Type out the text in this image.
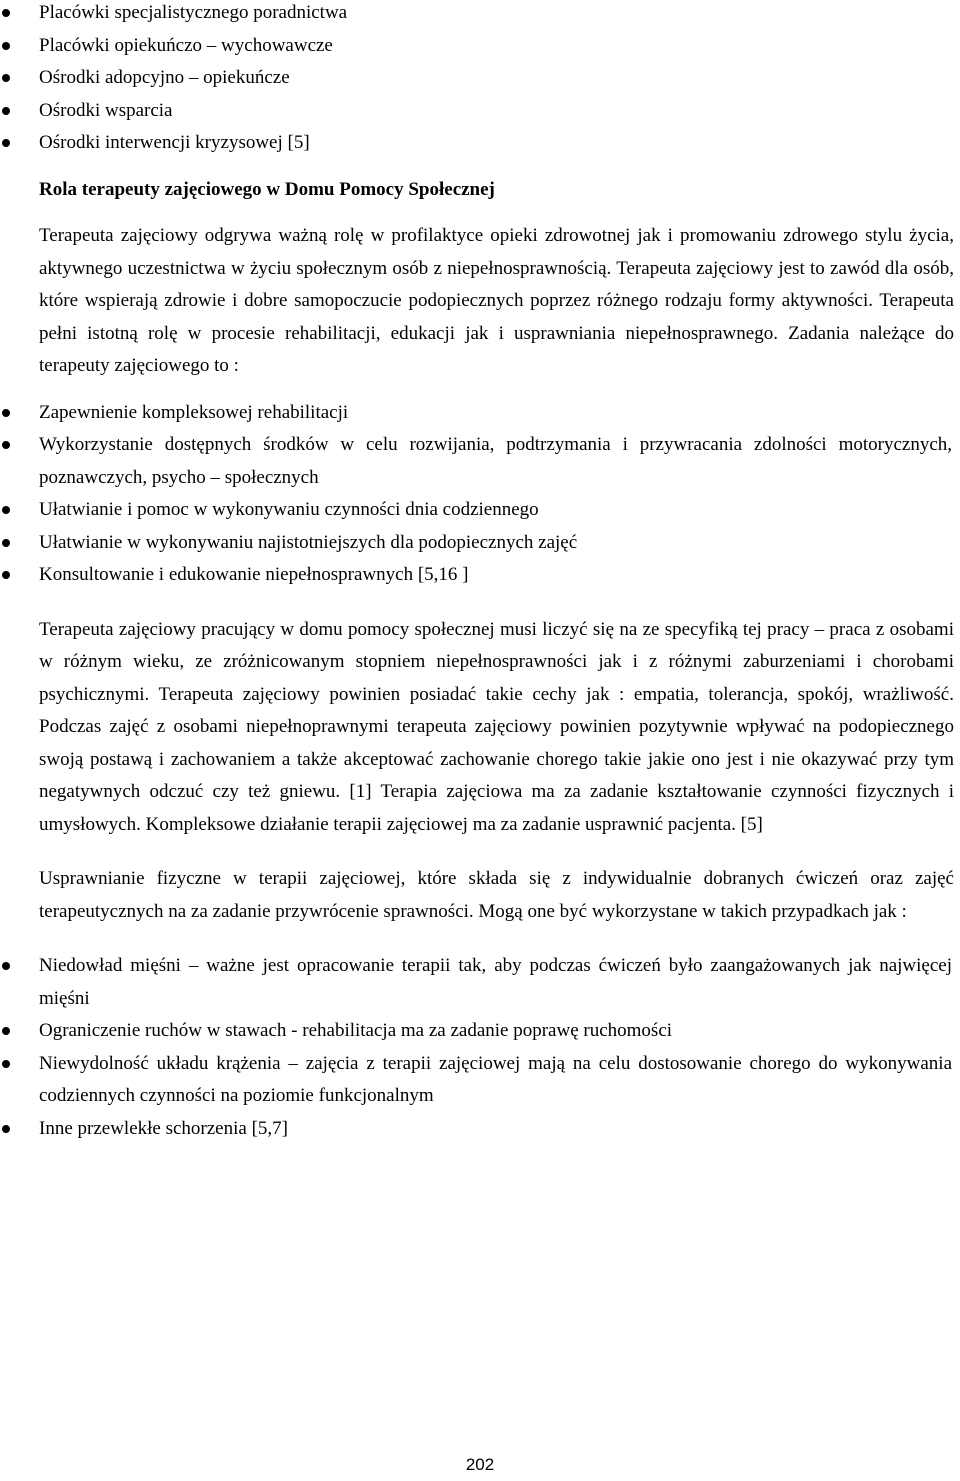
Placówki specjalistycznego poradnictwa
Placówki opiekuńczo – wychowawcze
Ośrodki adopcyjno – opiekuńcze
Ośrodki wsparcia
Ośrodki interwencji kryzysowej [5]

Rola terapeuty zajęciowego w Domu Pomocy Społecznej

Terapeuta zajęciowy odgrywa ważną rolę w profilaktyce opieki zdrowotnej jak i promowaniu zdrowego stylu życia, aktywnego uczestnictwa w życiu społecznym osób z niepełnosprawnością. Terapeuta zajęciowy jest to zawód dla osób, które wspierają zdrowie i dobre samopoczucie podopiecznych poprzez różnego rodzaju formy aktywności. Terapeuta pełni istotną rolę w procesie rehabilitacji, edukacji jak i usprawniania niepełnosprawnego. Zadania należące do terapeuty zajęciowego to :

Zapewnienie kompleksowej rehabilitacji
Wykorzystanie dostępnych środków w celu rozwijania, podtrzymania i przywracania zdolności motorycznych, poznawczych, psycho – społecznych
Ułatwianie i pomoc w wykonywaniu czynności dnia codziennego
Ułatwianie w wykonywaniu najistotniejszych dla podopiecznych zajęć
Konsultowanie i edukowanie niepełnosprawnych [5,16 ]

Terapeuta zajęciowy pracujący w domu pomocy społecznej musi liczyć się na ze specyfiką tej pracy – praca z osobami w różnym wieku, ze zróżnicowanym stopniem niepełnosprawności jak i z różnymi zaburzeniami i chorobami psychicznymi. Terapeuta zajęciowy powinien posiadać takie cechy jak : empatia, tolerancja, spokój, wrażliwość. Podczas zajęć z osobami niepełnoprawnymi terapeuta zajęciowy powinien pozytywnie wpływać na podopiecznego swoją postawą i zachowaniem a także akceptować zachowanie chorego takie jakie ono jest i nie okazywać przy tym negatywnych odczuć czy też gniewu. [1] Terapia zajęciowa ma za zadanie kształtowanie czynności fizycznych i umysłowych. Kompleksowe działanie terapii zajęciowej ma za zadanie usprawnić pacjenta. [5]

Usprawnianie fizyczne w terapii zajęciowej, które składa się z indywidualnie dobranych ćwiczeń oraz zajęć terapeutycznych na za zadanie przywrócenie sprawności. Mogą one być wykorzystane w takich przypadkach jak :

Niedowład mięśni – ważne jest opracowanie terapii tak, aby podczas ćwiczeń było zaangażowanych jak najwięcej mięśni
Ograniczenie ruchów w stawach - rehabilitacja ma za zadanie poprawę ruchomości
Niewydolność układu krążenia – zajęcia z terapii zajęciowej mają na celu dostosowanie chorego do wykonywania codziennych czynności na poziomie funkcjonalnym
Inne przewlekłe schorzenia [5,7]
202
